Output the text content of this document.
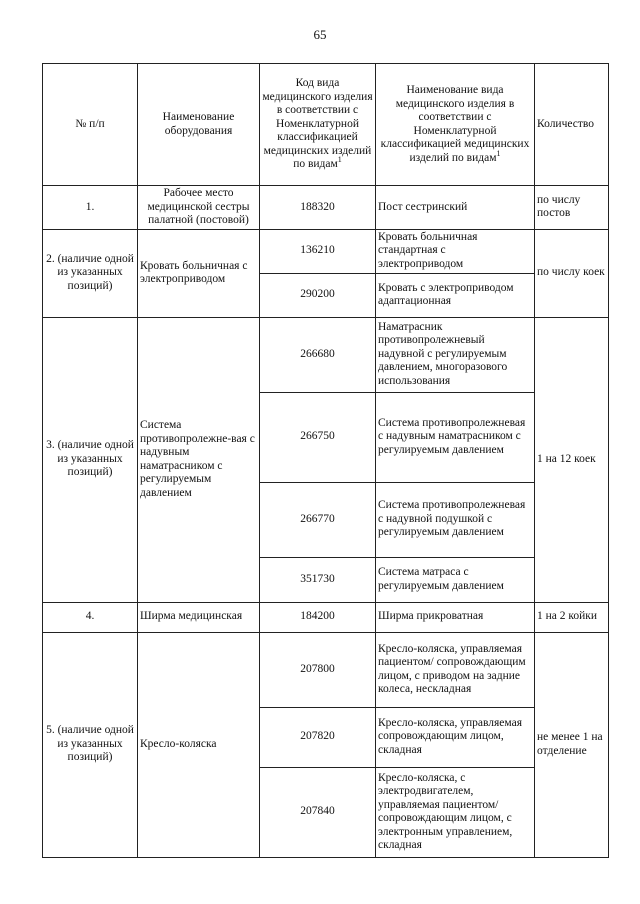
65
№ п/п	Наименование оборудования	Код вида медицинского изделия в соответствии с Номенклатурной классификацией медицинских изделий по видам$^1$	Наименование вида медицинского изделия в соответствии с Номенклатурной классификацией медицинских изделий по видам$^1$	Количество
1.	Рабочее место медицинской сестры палатной (постовой)	188320	Пост сестринский	по числу постов
2. (наличие одной из указанных позиций)	Кровать больничная с электроприводом	136210	Кровать больничная стандартная с электроприводом	по числу коек
		290200	Кровать с электроприводом адаптационная	
3. (наличие одной из указанных позиций)	Система противопролежне-вая с надувным наматрасником с регулируемым давлением	266680	Наматрасник противопролежневый надувной с регулируемым давлением, многоразового использования	1 на 12 коек
		266750	Система противопролежневая с надувным наматрасником с регулируемым давлением	
		266770	Система противопролежневая с надувной подушкой с регулируемым давлением	
		351730	Система матраса с регулируемым давлением	
4.	Ширма медицинская	184200	Ширма прикроватная	1 на 2 койки
5. (наличие одной из указанных позиций)	Кресло-коляска	207800	Кресло-коляска, управляемая пациентом/ сопровождающим лицом, с приводом на задние колеса, нескладная	не менее 1 на отделение
		207820	Кресло-коляска, управляемая сопровождающим лицом, складная	
		207840	Кресло-коляска, с электродвигателем, управляемая пациентом/ сопровождающим лицом, с электронным управлением, складная	
